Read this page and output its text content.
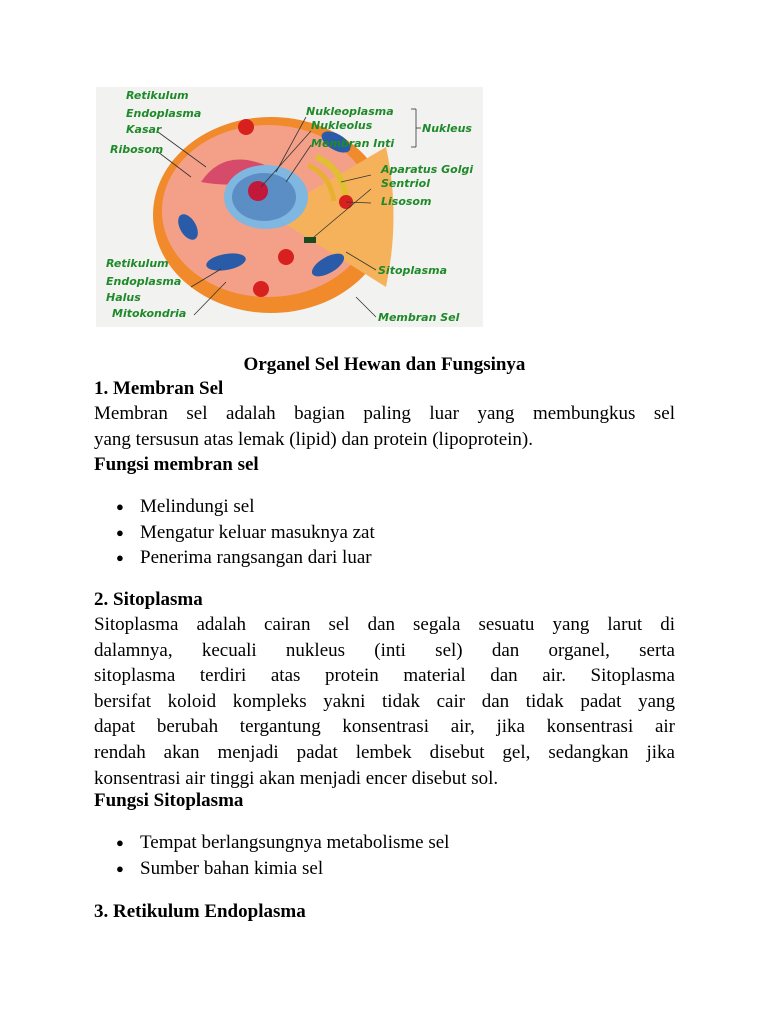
Retikulum
Endoplasma
Kasar
Ribosom
Nukleoplasma
Nukleolus
Membran Inti
Nukleus
Aparatus Golgi
Sentriol
Lisosom
Retikulum
Endoplasma
Halus
Mitokondria
Sitoplasma
Membran Sel
Organel Sel Hewan dan Fungsinya
1. Membran Sel
Membran sel adalah bagian paling luar yang membungkus sel
yang tersusun atas lemak (lipid) dan protein (lipoprotein).
Fungsi membran sel
● Melindungi sel
● Mengatur keluar masuknya zat
● Penerima rangsangan dari luar
2. Sitoplasma
Sitoplasma adalah cairan sel dan segala sesuatu yang larut di
dalamnya, kecuali nukleus (inti sel) dan organel, serta
sitoplasma terdiri atas protein material dan air. Sitoplasma
bersifat koloid kompleks yakni tidak cair dan tidak padat yang
dapat berubah tergantung konsentrasi air, jika konsentrasi air
rendah akan menjadi padat lembek disebut gel, sedangkan jika
konsentrasi air tinggi akan menjadi encer disebut sol.
Fungsi Sitoplasma
● Tempat berlangsungnya metabolisme sel
● Sumber bahan kimia sel
3. Retikulum Endoplasma
